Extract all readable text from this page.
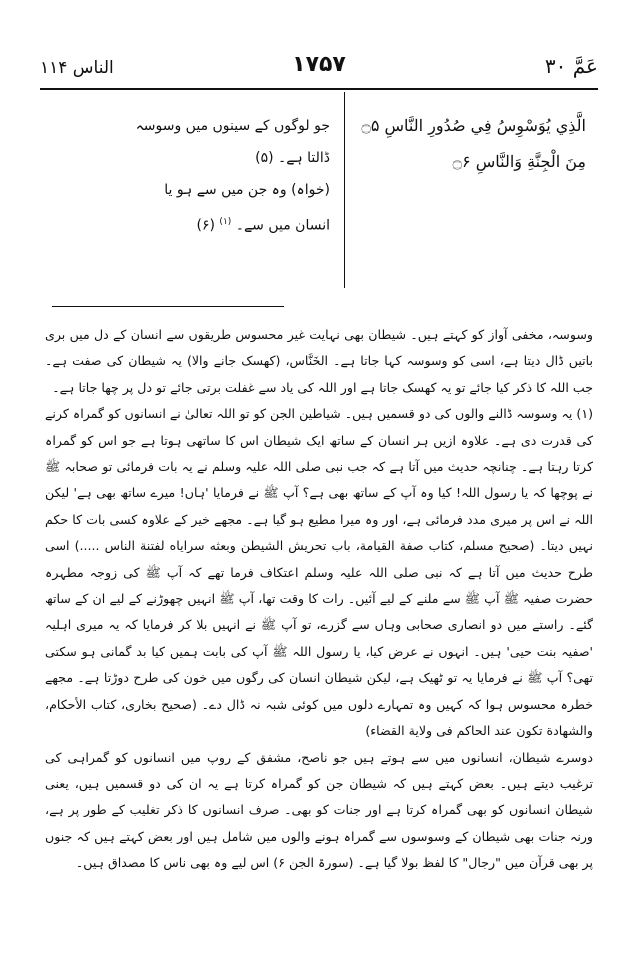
الناس ۱۱۴	۱۷۵۷	عَمَّ ۳۰
الَّذِي يُوَسْوِسُ فِي صُدُورِ النَّاسِ ۝۵
مِنَ الْجِنَّةِ وَالنَّاسِ ۝۶
جو لوگوں کے سینوں میں وسوسہ ڈالتا ہے۔ (۵)
(خواہ) وہ جن میں سے ہو یا انسان میں سے۔ $^{(۱)}$ (۶)

وسوسہ، مخفی آواز کو کہتے ہیں۔ شیطان بھی نہایت غیر محسوس طریقوں سے انسان کے دل میں بری باتیں ڈال دیتا ہے، اسی کو وسوسہ کہا جاتا ہے۔ الخَنَّاس، (کھسک جانے والا) یہ شیطان کی صفت ہے۔ جب اللہ کا ذکر کیا جائے تو یہ کھسک جاتا ہے اور اللہ کی یاد سے غفلت برتی جائے تو دل پر چھا جاتا ہے۔

(۱) یہ وسوسہ ڈالنے والوں کی دو قسمیں ہیں۔ شیاطین الجن کو تو اللہ تعالیٰ نے انسانوں کو گمراہ کرنے کی قدرت دی ہے۔ علاوہ ازیں ہر انسان کے ساتھ ایک شیطان اس کا ساتھی ہوتا ہے جو اس کو گمراہ کرتا رہتا ہے۔ چنانچہ حدیث میں آتا ہے کہ جب نبی صلی اللہ علیہ وسلم نے یہ بات فرمائی تو صحابہ ﷺ نے پوچھا کہ یا رسول اللہ! کیا وہ آپ کے ساتھ بھی ہے؟ آپ ﷺ نے فرمایا 'ہاں! میرے ساتھ بھی ہے' لیکن اللہ نے اس پر میری مدد فرمائی ہے، اور وہ میرا مطیع ہو گیا ہے۔ مجھے خیر کے علاوہ کسی بات کا حکم نہیں دیتا۔ (صحیح مسلم، کتاب صفة القیامة، باب تحریش الشیطن وبعثه سرایاه لفتنة الناس .....) اسی طرح حدیث میں آتا ہے کہ نبی صلی اللہ علیہ وسلم اعتکاف فرما تھے کہ آپ ﷺ کی زوجہ مطہرہ حضرت صفیہ ﷺ آپ ﷺ سے ملنے کے لیے آئیں۔ رات کا وقت تھا، آپ ﷺ انہیں چھوڑنے کے لیے ان کے ساتھ گئے۔ راستے میں دو انصاری صحابی وہاں سے گزرے، تو آپ ﷺ نے انہیں بلا کر فرمایا کہ یہ میری اہلیہ 'صفیہ بنت حیی' ہیں۔ انہوں نے عرض کیا، یا رسول اللہ ﷺ آپ کی بابت ہمیں کیا بد گمانی ہو سکتی تھی؟ آپ ﷺ نے فرمایا یہ تو ٹھیک ہے، لیکن شیطان انسان کی رگوں میں خون کی طرح دوڑتا ہے۔ مجھے خطرہ محسوس ہوا کہ کہیں وہ تمہارے دلوں میں کوئی شبہ نہ ڈال دے۔ (صحیح بخاری، کتاب الأحکام، والشهادة تکون عند الحاکم فی ولایة القضاء)

دوسرے شیطان، انسانوں میں سے ہوتے ہیں جو ناصح، مشفق کے روپ میں انسانوں کو گمراہی کی ترغیب دیتے ہیں۔ بعض کہتے ہیں کہ شیطان جن کو گمراہ کرتا ہے یہ ان کی دو قسمیں ہیں، یعنی شیطان انسانوں کو بھی گمراہ کرتا ہے اور جنات کو بھی۔ صرف انسانوں کا ذکر تغلیب کے طور پر ہے، ورنہ جنات بھی شیطان کے وسوسوں سے گمراہ ہونے والوں میں شامل ہیں اور بعض کہتے ہیں کہ جنوں پر بھی قرآن میں "رجال" کا لفظ بولا گیا ہے۔ (سورۃ الجن ۶) اس لیے وہ بھی ناس کا مصداق ہیں۔
